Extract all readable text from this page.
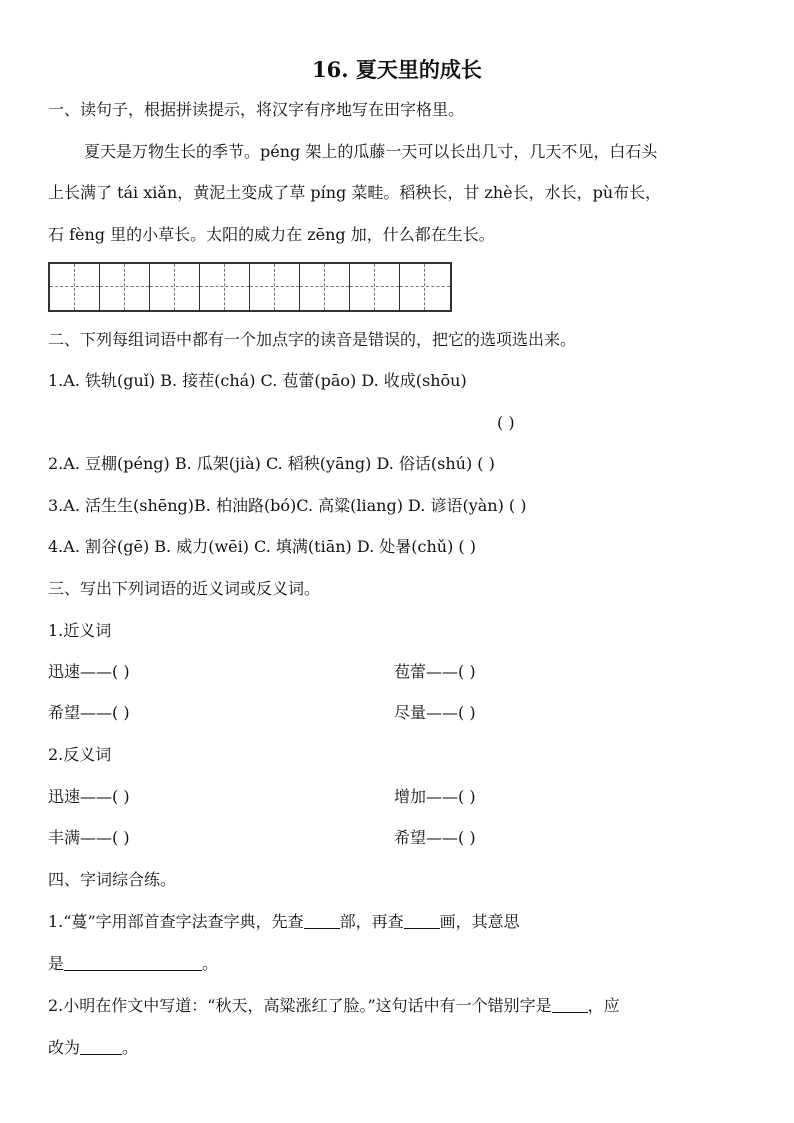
16. 夏天里的成长
一、读句子，根据拼读提示，将汉字有序地写在田字格里。
夏天是万物生长的季节。péng 架上的瓜藤一天可以长出几寸，几天不见，白石头
上长满了 tái xiǎn，黄泥土变成了草 píng 菜畦。稻秧长，甘 zhè长，水长，pù布长，
石 fèng 里的小草长。太阳的威力在 zēng 加，什么都在生长。
二、下列每组词语中都有一个加点字的读音是错误的，把它的选项选出来。
1.A. 铁轨(guǐ) B. 接茬(chá) C. 苞蕾(pāo) D. 收成(shōu)
( )
2.A. 豆棚(péng) B. 瓜架(jià) C. 稻秧(yāng) D. 俗话(shú) ( )
3.A. 活生生(shēng)B. 柏油路(bó)C. 高粱(liang) D. 谚语(yàn) ( )
4.A. 割谷(gē) B. 威力(wēi) C. 填满(tiān) D. 处暑(chǔ) ( )
三、写出下列词语的近义词或反义词。
1.近义词
迅速——( )	苞蕾——( )
希望——( )	尽量——( )
2.反义词
迅速——( )	增加——( )
丰满——( )	希望——( )
四、字词综合练。
1.“蔓”字用部首查字法查字典，先查 部，再查 画，其意思
是	。
2.小明在作文中写道：“秋天，高粱涨红了脸。”这句话中有一个错别字是 ，应
改为	。
